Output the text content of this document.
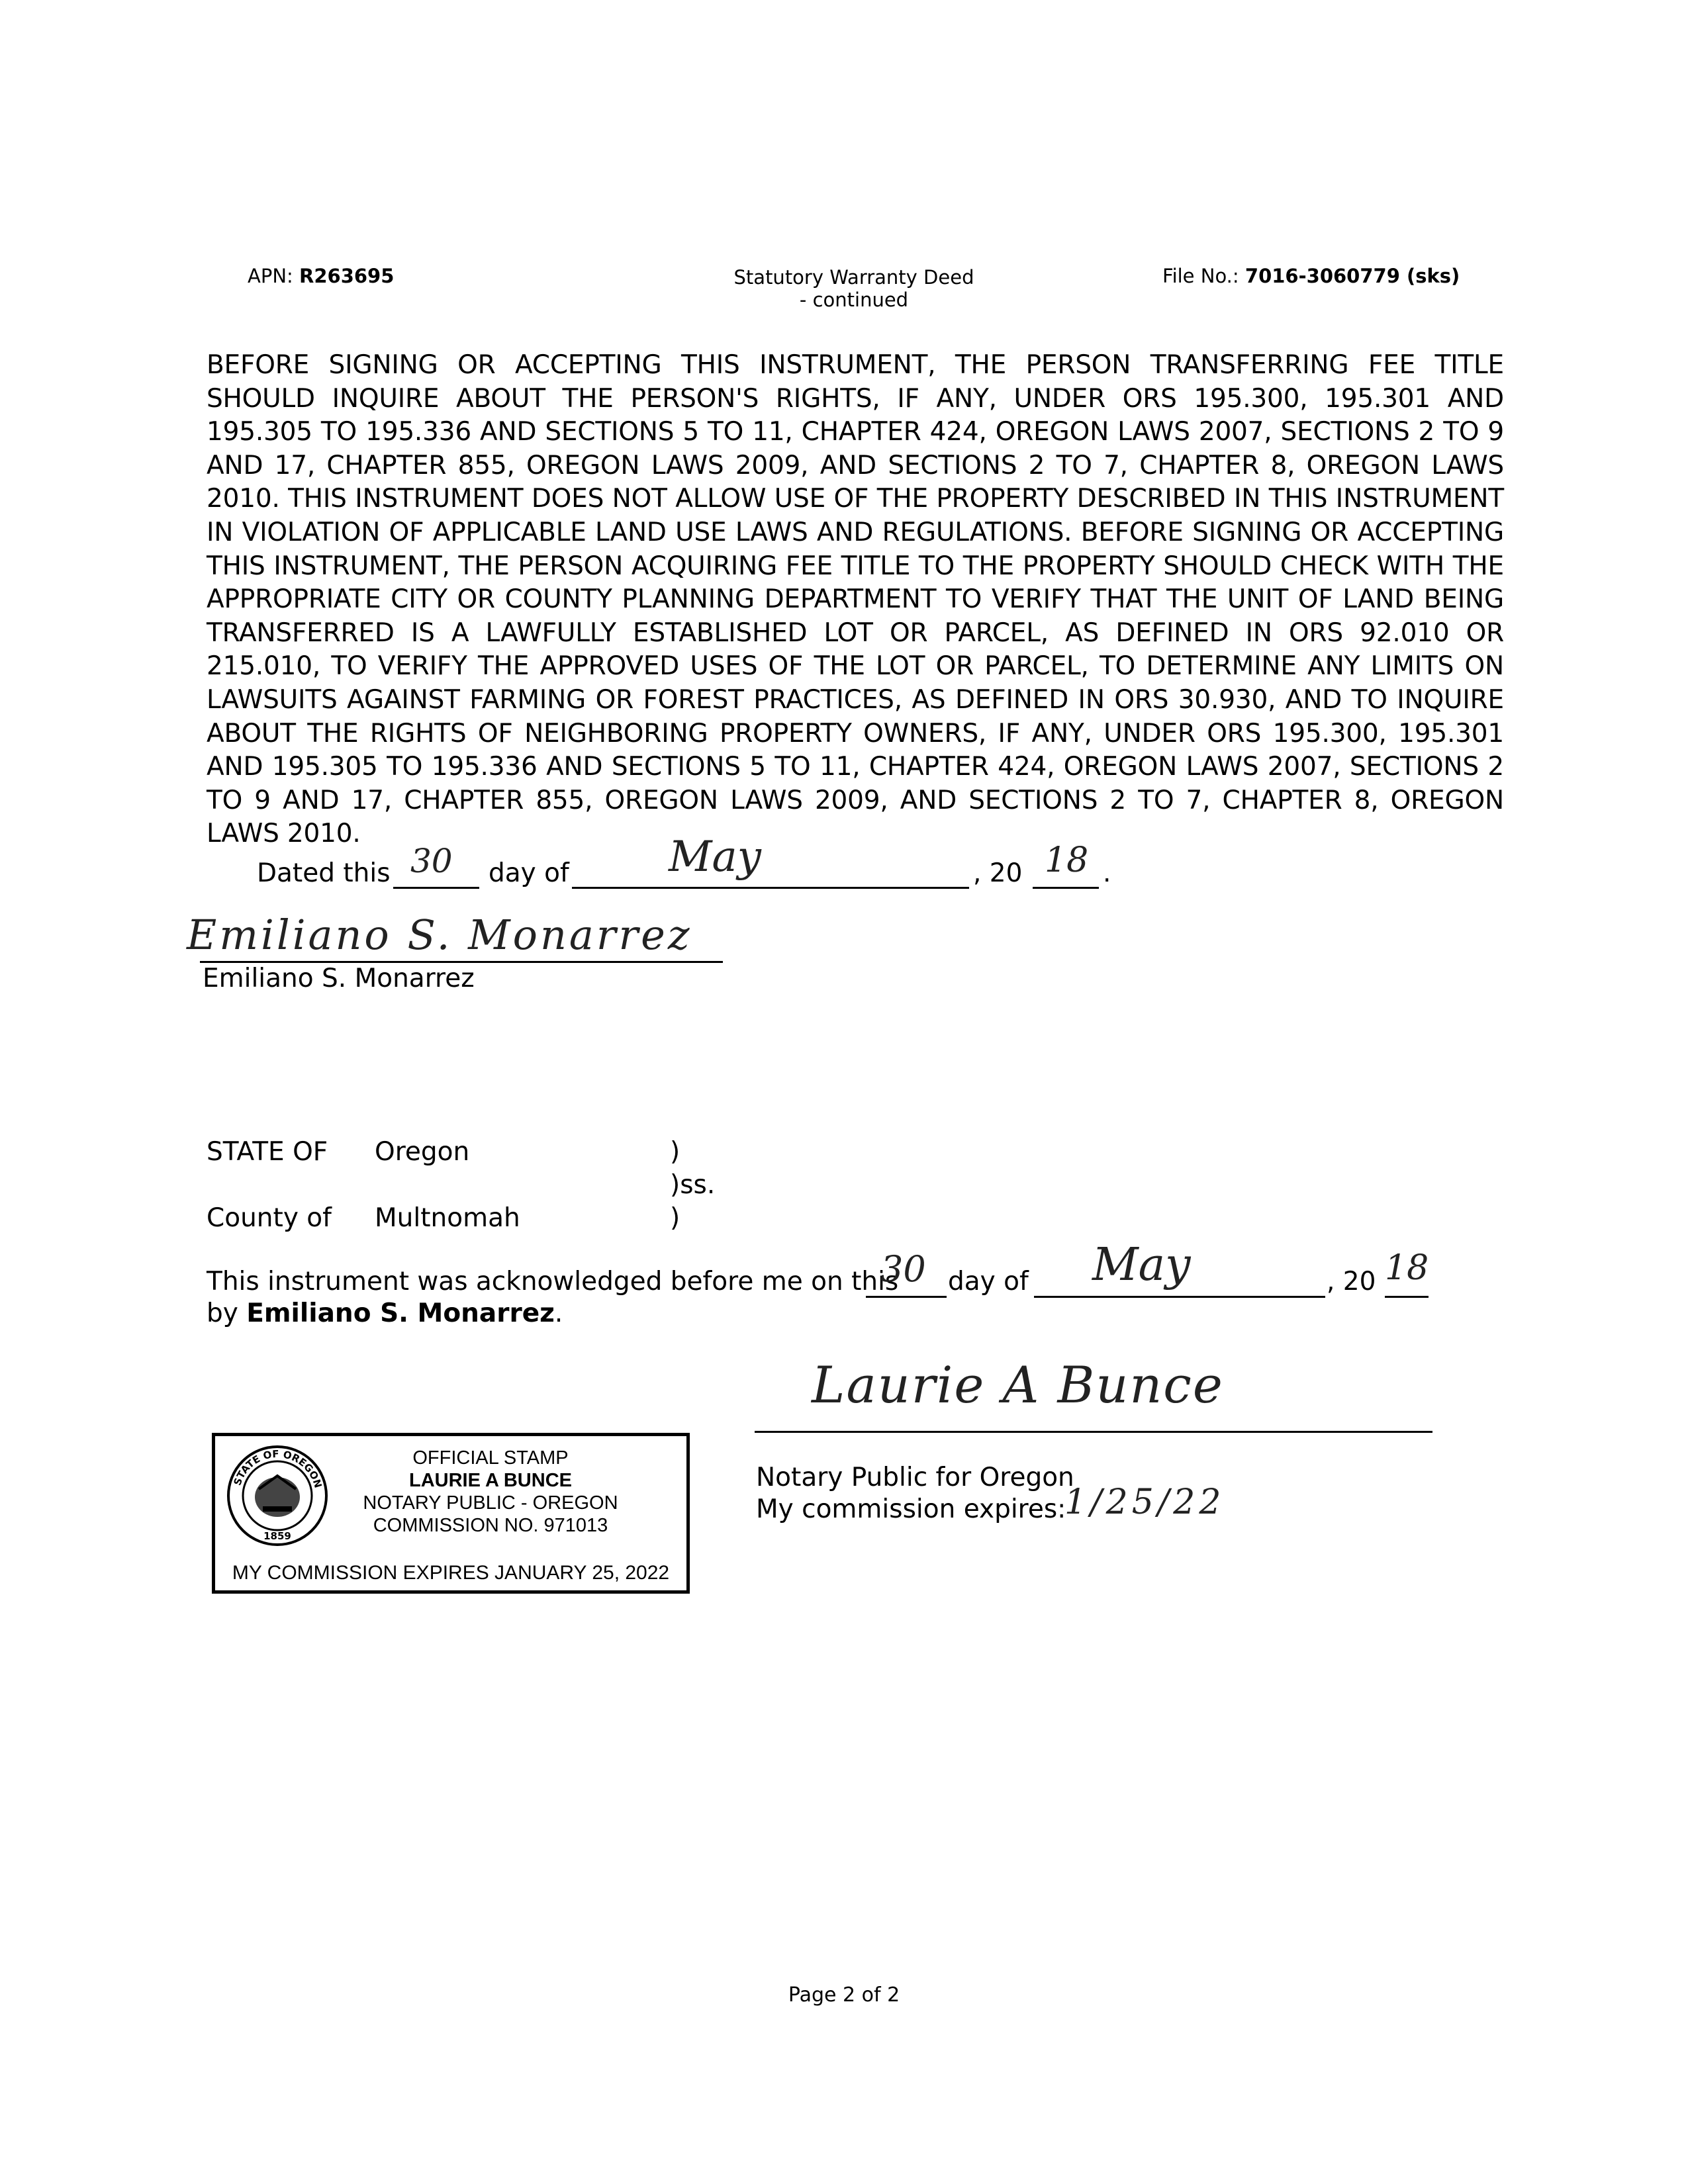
APN: R263695	Statutory Warranty Deed
- continued
File No.: 7016-3060779 (sks)

BEFORE SIGNING OR ACCEPTING THIS INSTRUMENT, THE PERSON TRANSFERRING FEE TITLE SHOULD INQUIRE ABOUT THE PERSON'S RIGHTS, IF ANY, UNDER ORS 195.300, 195.301 AND 195.305 TO 195.336 AND SECTIONS 5 TO 11, CHAPTER 424, OREGON LAWS 2007, SECTIONS 2 TO 9 AND 17, CHAPTER 855, OREGON LAWS 2009, AND SECTIONS 2 TO 7, CHAPTER 8, OREGON LAWS 2010. THIS INSTRUMENT DOES NOT ALLOW USE OF THE PROPERTY DESCRIBED IN THIS INSTRUMENT IN VIOLATION OF APPLICABLE LAND USE LAWS AND REGULATIONS. BEFORE SIGNING OR ACCEPTING THIS INSTRUMENT, THE PERSON ACQUIRING FEE TITLE TO THE PROPERTY SHOULD CHECK WITH THE APPROPRIATE CITY OR COUNTY PLANNING DEPARTMENT TO VERIFY THAT THE UNIT OF LAND BEING TRANSFERRED IS A LAWFULLY ESTABLISHED LOT OR PARCEL, AS DEFINED IN ORS 92.010 OR 215.010, TO VERIFY THE APPROVED USES OF THE LOT OR PARCEL, TO DETERMINE ANY LIMITS ON LAWSUITS AGAINST FARMING OR FOREST PRACTICES, AS DEFINED IN ORS 30.930, AND TO INQUIRE ABOUT THE RIGHTS OF NEIGHBORING PROPERTY OWNERS, IF ANY, UNDER ORS 195.300, 195.301 AND 195.305 TO 195.336 AND SECTIONS 5 TO 11, CHAPTER 424, OREGON LAWS 2007, SECTIONS 2 TO 9 AND 17, CHAPTER 855, OREGON LAWS 2009, AND SECTIONS 2 TO 7, CHAPTER 8, OREGON LAWS 2010.

Dated this 30 day of May	, 20 18 .
Emiliano S. Monarrez
Emiliano S. Monarrez
STATE OF Oregon	)
)ss.
County of Multnomah	)
This instrument was acknowledged before me on this
30 day of May	, 20 18
by Emiliano S. Monarrez.
Laurie A Bunce
Notary Public for Oregon
My commission expires:
1/25/22
STATE OF OREGON
1859
OFFICIAL STAMP
LAURIE A BUNCE
NOTARY PUBLIC - OREGON
COMMISSION NO. 971013
MY COMMISSION EXPIRES JANUARY 25, 2022
Page 2 of 2
